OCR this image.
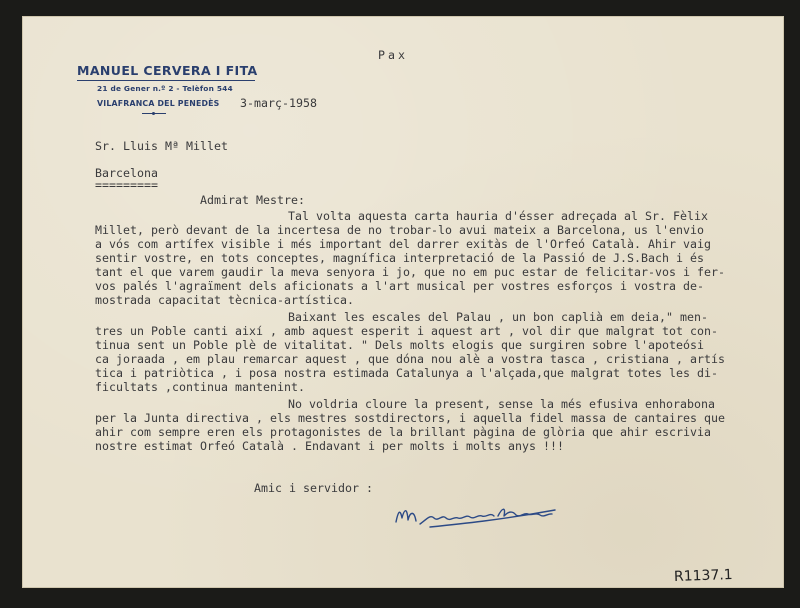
Pax
MANUEL CERVERA I FITA
21 de Gener n.º 2 - Telèfon 544
VILAFRANCA DEL PENEDÈS 3-març-1958
Sr. Lluis Mª Millet
Barcelona
=========
Admirat Mestre:
Tal volta aquesta carta hauria d'ésser adreçada al Sr. Fèlix
Millet, però devant de la incertesa de no trobar-lo avui mateix a Barcelona, us l'envio
a vós com artífex visible i més important del darrer exitàs de l'Orfeó Català. Ahir vaig
sentir vostre, en tots conceptes, magnífica interpretació de la Passió de J.S.Bach i és
tant el que varem gaudir la meva senyora i jo, que no em puc estar de felicitar-vos i fer-
vos palés l'agraïment dels aficionats a l'art musical per vostres esforços i vostra de-
mostrada capacitat tècnica-artística.
Baixant les escales del Palau , un bon caplià em deia," men-
tres un Poble canti així , amb aquest esperit i aquest art , vol dir que malgrat tot con-
tinua sent un Poble plè de vitalitat. " Dels molts elogis que surgiren sobre l'apoteósi
ca joraada , em plau remarcar aquest , que dóna nou alè a vostra tasca , cristiana , artís
tica i patriòtica , i posa nostra estimada Catalunya a l'alçada,que malgrat totes les di-
ficultats ,continua mantenint.
No voldria cloure la present, sense la més efusiva enhorabona
per la Junta directiva , els mestres sostdirectors, i aquella fidel massa de cantaires que
ahir com sempre eren els protagonistes de la brillant pàgina de glòria que ahir escrivia
nostre estimat Orfeó Català . Endavant i per molts i molts anys !!!
Amic i servidor :
R1137.1
